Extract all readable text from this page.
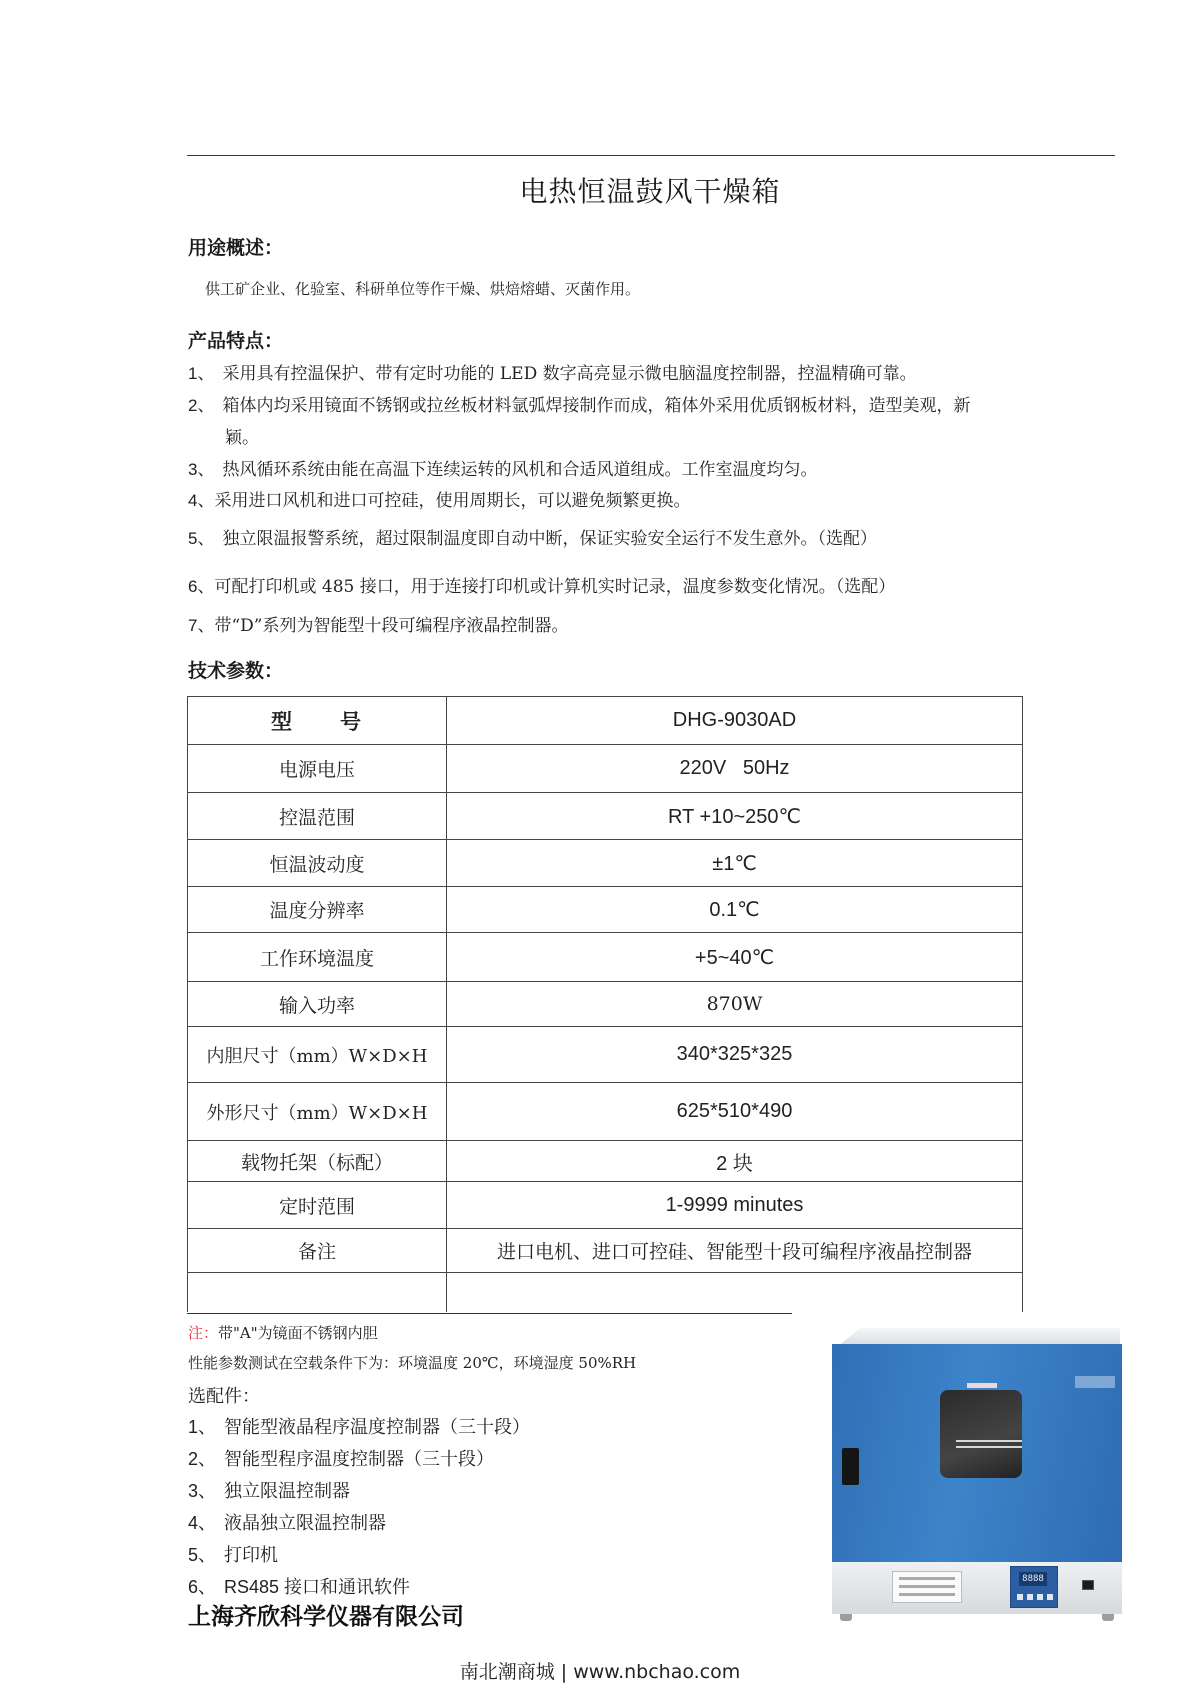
电热恒温鼓风干燥箱
用途概述：
供工矿企业、化验室、科研单位等作干燥、烘焙熔蜡、灭菌作用。
产品特点：
1、 采用具有控温保护、带有定时功能的 LED 数字高亮显示微电脑温度控制器，控温精确可靠。
2、 箱体内均采用镜面不锈钢或拉丝板材料氩弧焊接制作而成，箱体外采用优质钢板材料，造型美观，新
颖。
3、 热风循环系统由能在高温下连续运转的风机和合适风道组成。工作室温度均匀。
4、采用进口风机和进口可控硅，使用周期长，可以避免频繁更换。
5、 独立限温报警系统，超过限制温度即自动中断，保证实验安全运行不发生意外。（选配）
6、可配打印机或 485 接口，用于连接打印机或计算机实时记录，温度参数变化情况。（选配）
7、带“D”系列为智能型十段可编程序液晶控制器。
技术参数：
型　　号	DHG-9030AD
电源电压	220V   50Hz
控温范围	RT +10~250℃
恒温波动度	±1℃
温度分辨率	0.1℃
工作环境温度	+5~40℃
输入功率	870W
内胆尺寸（mm）W×D×H	340*325*325
外形尺寸（mm）W×D×H	625*510*490
载物托架（标配）	2 块
定时范围	1-9999 minutes
备注	进口电机、进口可控硅、智能型十段可编程序液晶控制器

注：带"A"为镜面不锈钢内胆
性能参数测试在空载条件下为：环境温度 20℃，环境湿度 50%RH
选配件：
1、 智能型液晶程序温度控制器（三十段）
2、 智能型程序温度控制器（三十段）
3、 独立限温控制器
4、 液晶独立限温控制器
5、 打印机
6、 RS485 接口和通讯软件
上海齐欣科学仪器有限公司
8888
南北潮商城 | www.nbchao.com
